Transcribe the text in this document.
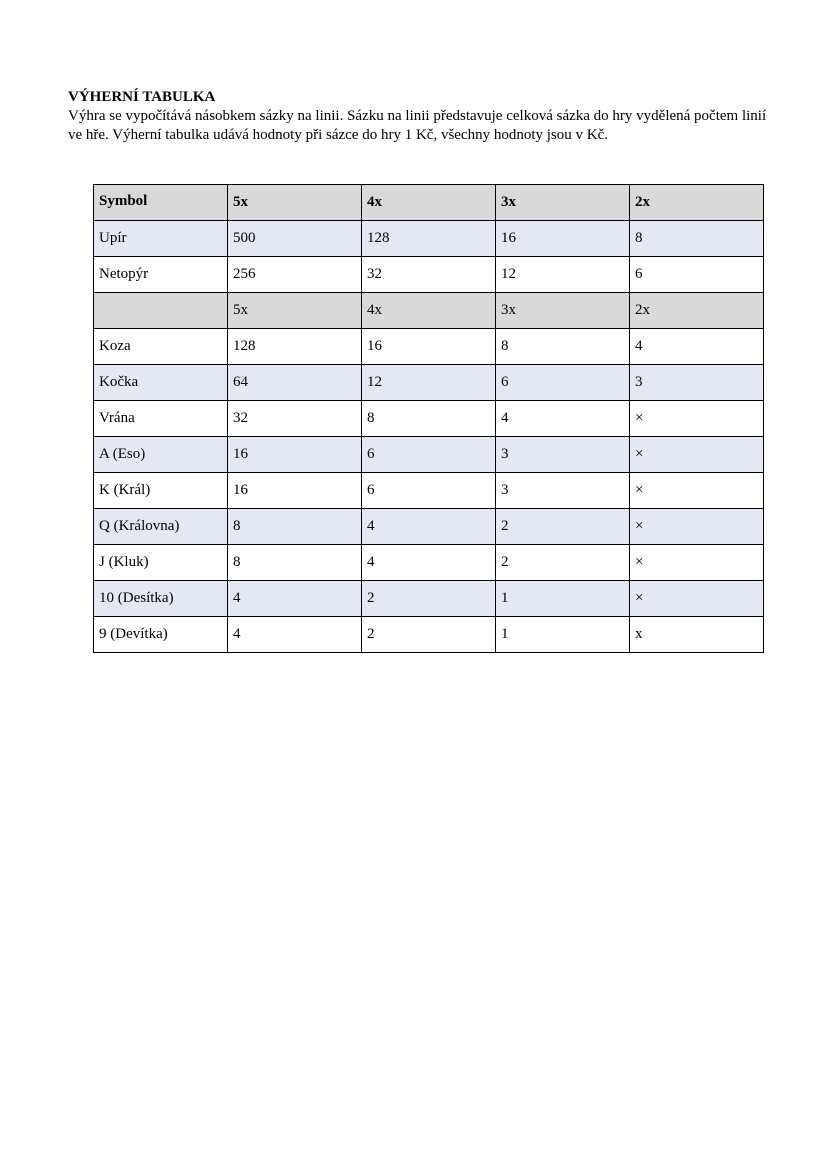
VÝHERNÍ TABULKA
Výhra se vypočítává násobkem sázky na linii. Sázku na linii představuje celková sázka do hry vydělená počtem linií ve hře. Výherní tabulka udává hodnoty při sázce do hry 1 Kč, všechny hodnoty jsou v Kč.
Symbol	5x	4x	3x	2x
Upír	500	128	16	8
Netopýr	256	32	12	6
	5x	4x	3x	2x
Koza	128	16	8	4
Kočka	64	12	6	3
Vrána	32	8	4	×
A (Eso)	16	6	3	×
K (Král)	16	6	3	×
Q (Královna)	8	4	2	×
J (Kluk)	8	4	2	×
10 (Desítka)	4	2	1	×
9 (Devítka)	4	2	1	x
